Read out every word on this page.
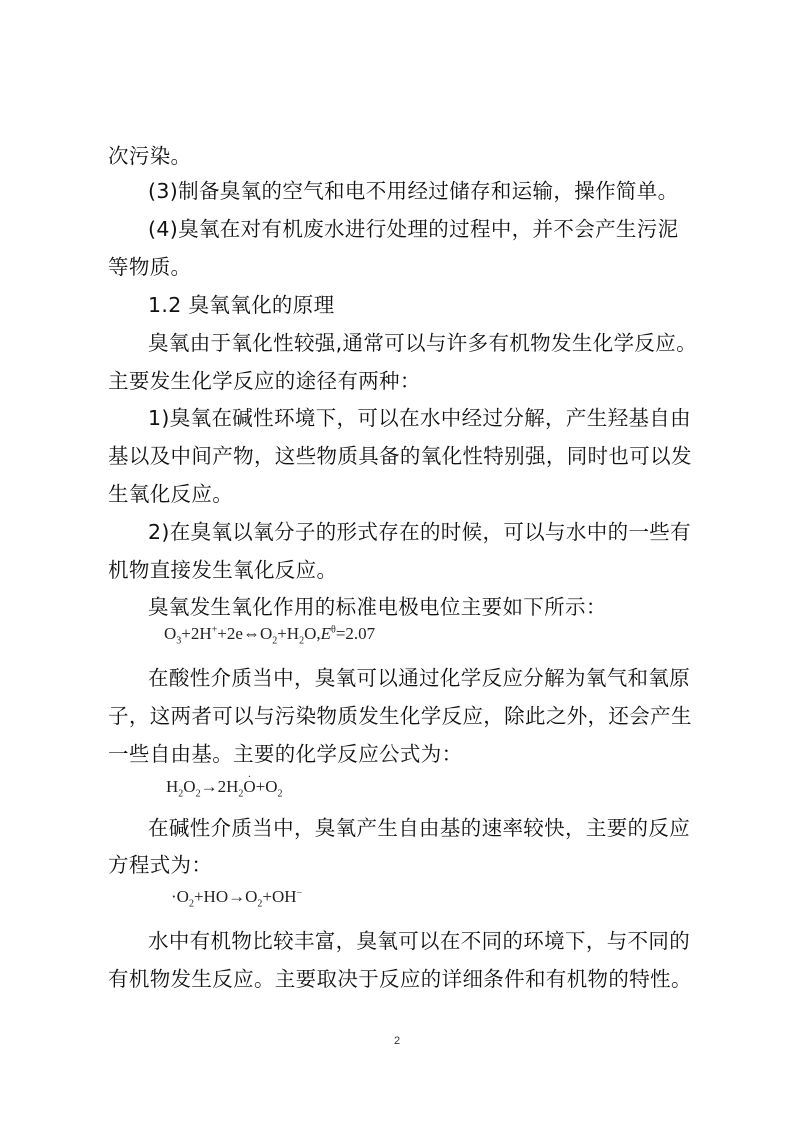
次污染。
(3)制备臭氧的空气和电不用经过储存和运输，操作简单。
(4)臭氧在对有机废水进行处理的过程中，并不会产生污泥
等物质。
1.2 臭氧氧化的原理
臭氧由于氧化性较强,通常可以与许多有机物发生化学反应。
主要发生化学反应的途径有两种：
1)臭氧在碱性环境下，可以在水中经过分解，产生羟基自由
基以及中间产物，这些物质具备的氧化性特别强，同时也可以发
生氧化反应。
2)在臭氧以氧分子的形式存在的时候，可以与水中的一些有
机物直接发生氧化反应。
臭氧发生氧化作用的标准电极电位主要如下所示：
$O_3+2H^++2e\Leftrightarrow O_2+H_2O,E^\theta=2.07$
在酸性介质当中，臭氧可以通过化学反应分解为氧气和氧原
子，这两者可以与污染物质发生化学反应，除此之外，还会产生
一些自由基。主要的化学反应公式为：
$H_2O_2\to 2H_2\cdot O+O_2$
在碱性介质当中，臭氧产生自由基的速率较快，主要的反应
方程式为：
$\cdot O_2+HO\to O_2+OH^-$
水中有机物比较丰富，臭氧可以在不同的环境下，与不同的
有机物发生反应。主要取决于反应的详细条件和有机物的特性。
2
